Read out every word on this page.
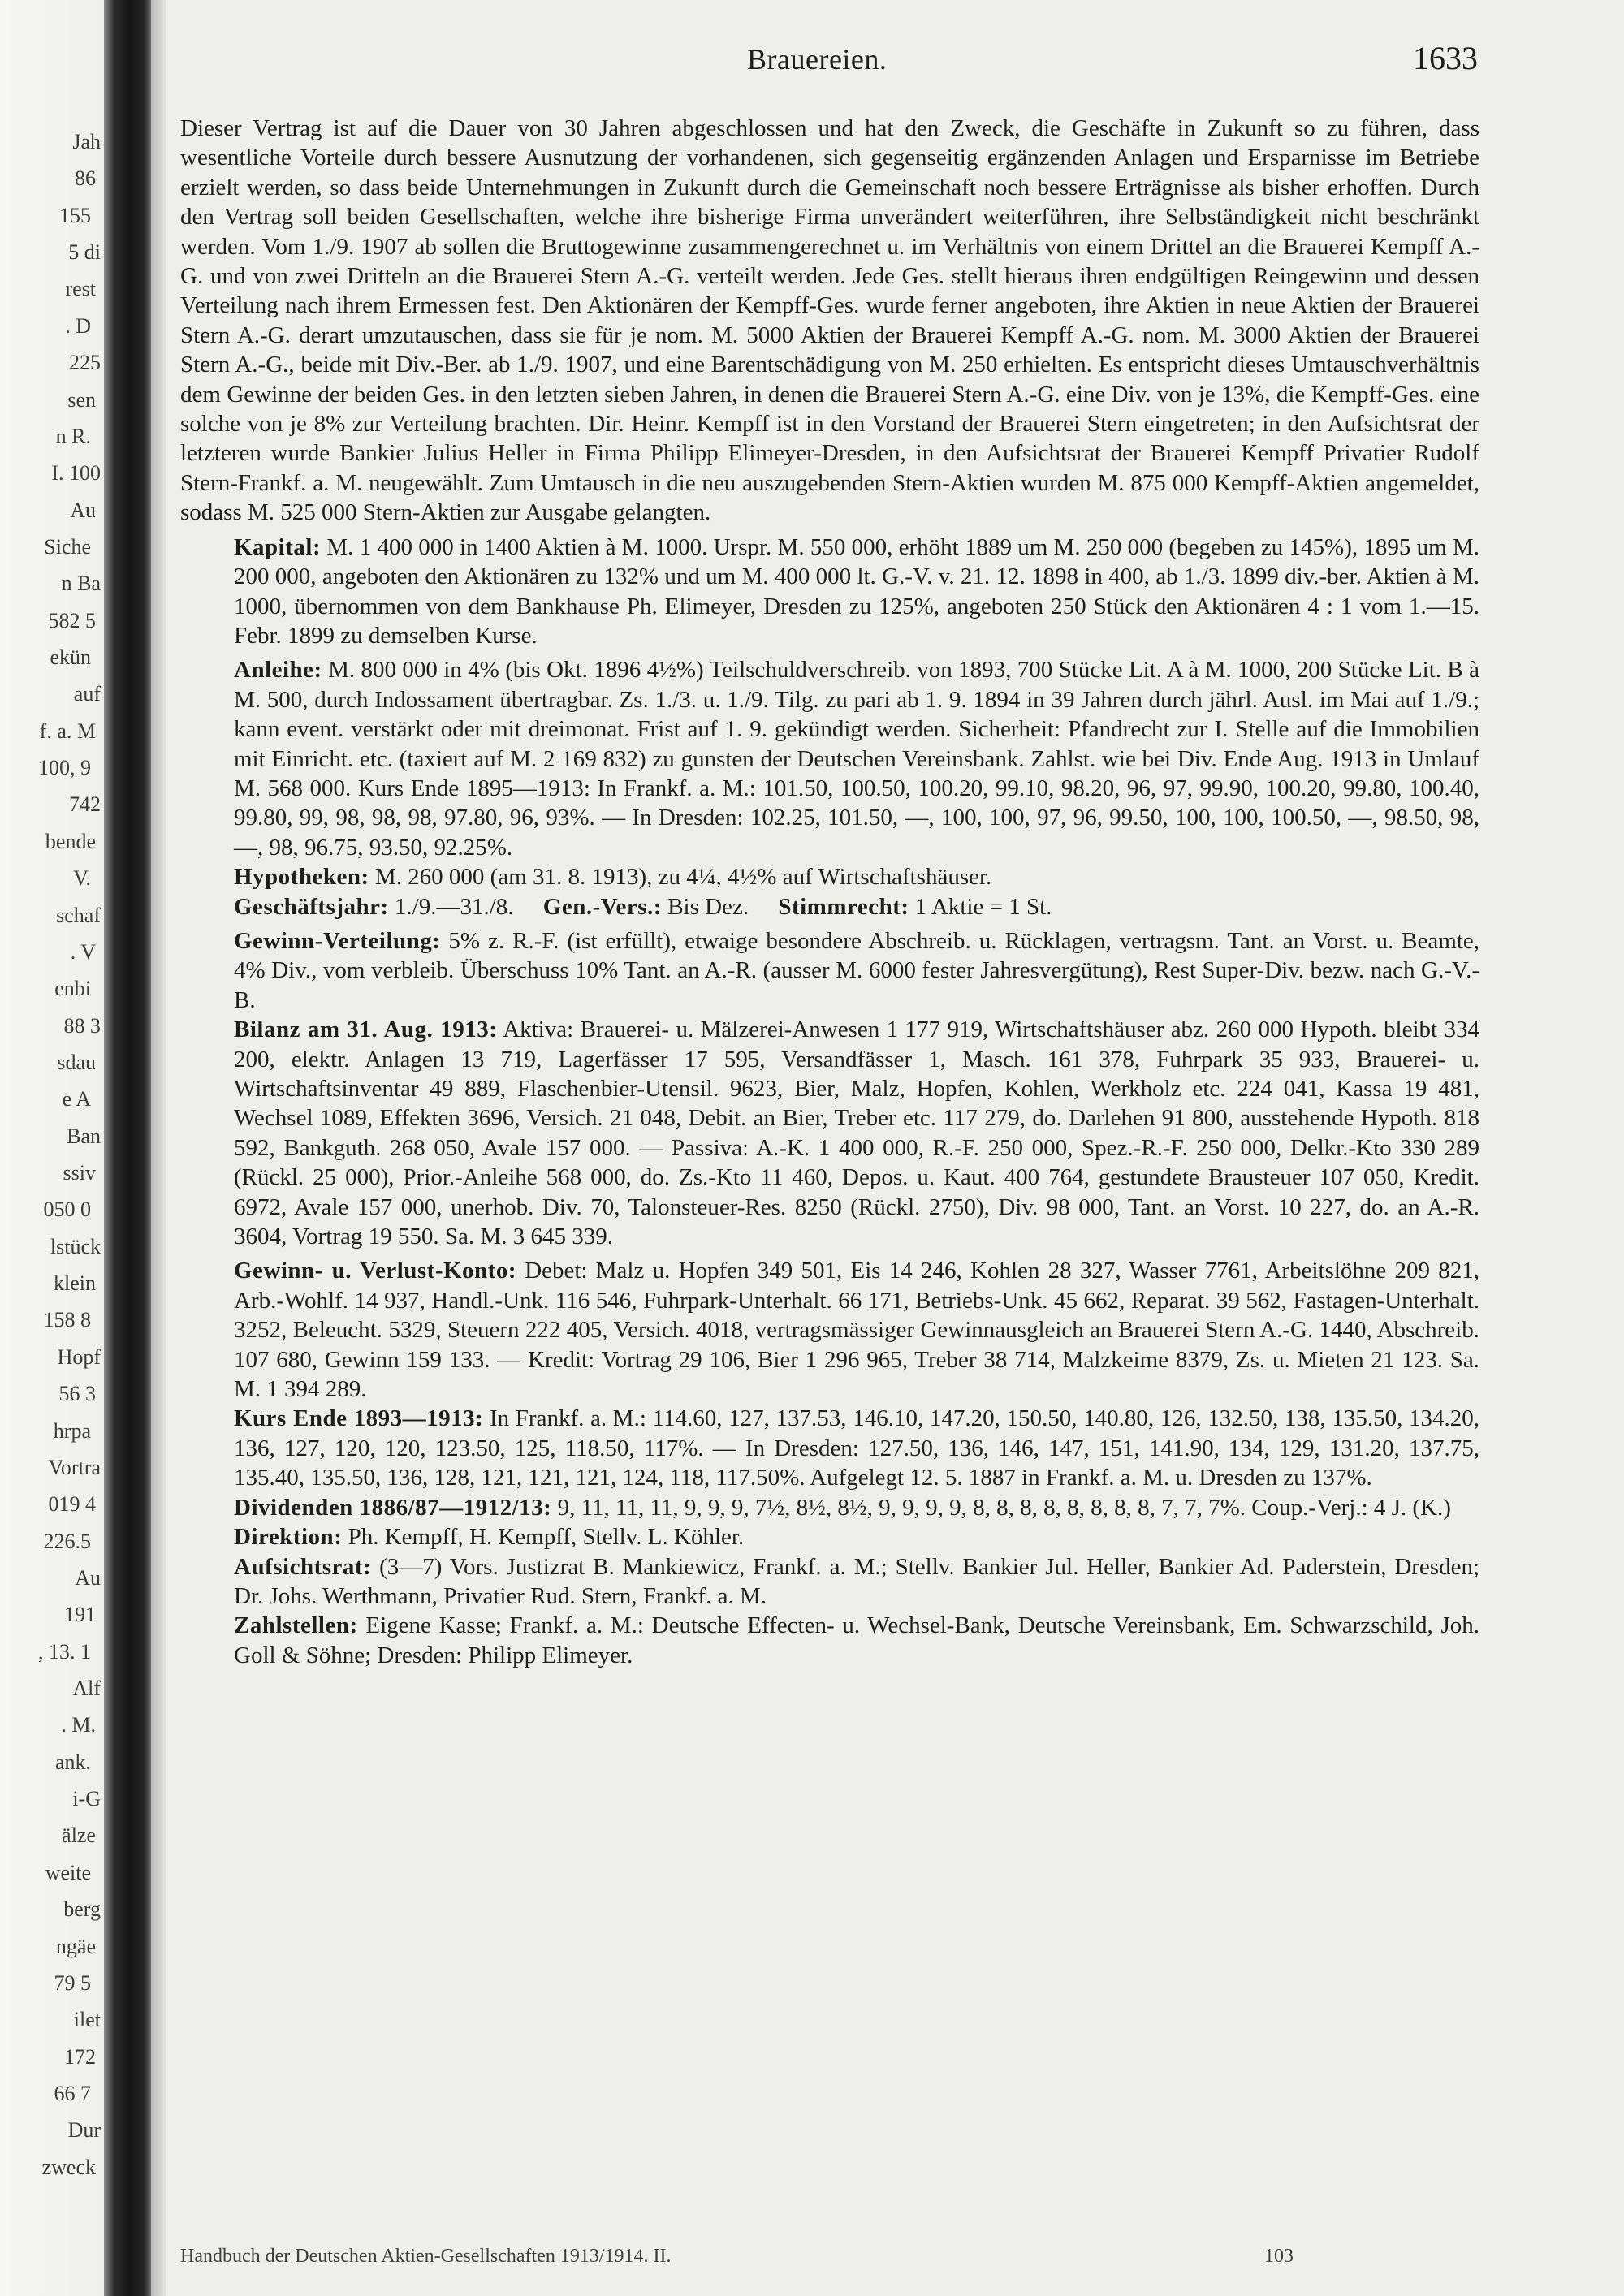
Jah
86
155
5 di
rest
. D
225
sen
n R.
I. 100
Au
Siche
n Ba
582 5
ekün
auf
f. a. M
100, 9
742
bende
V.
schaf
. V
enbi
88 3
sdau
e A
Ban
ssiv
050 0
lstück
klein
158 8
Hopf
56 3
hrpa
Vortra
019 4
226.5
Au
191
, 13. 1
Alf
. M.
ank.
i-G
älze
weite
berg
ngäe
79 5
ilet
172
66 7
Dur
zweck
Brauereien.	1633

Dieser Vertrag ist auf die Dauer von 30 Jahren abgeschlossen und hat den Zweck, die Geschäfte in Zukunft so zu führen, dass wesentliche Vorteile durch bessere Ausnutzung der vorhandenen, sich gegenseitig ergänzenden Anlagen und Ersparnisse im Betriebe erzielt werden, so dass beide Unternehmungen in Zukunft durch die Gemeinschaft noch bessere Erträgnisse als bisher erhoffen. Durch den Vertrag soll beiden Gesellschaften, welche ihre bisherige Firma unverändert weiterführen, ihre Selbständigkeit nicht beschränkt werden. Vom 1./9. 1907 ab sollen die Bruttogewinne zusammengerechnet u. im Verhältnis von einem Drittel an die Brauerei Kempff A.-G. und von zwei Dritteln an die Brauerei Stern A.-G. verteilt werden. Jede Ges. stellt hieraus ihren endgültigen Reingewinn und dessen Verteilung nach ihrem Ermessen fest. Den Aktionären der Kempff-Ges. wurde ferner angeboten, ihre Aktien in neue Aktien der Brauerei Stern A.-G. derart umzutauschen, dass sie für je nom. M. 5000 Aktien der Brauerei Kempff A.-G. nom. M. 3000 Aktien der Brauerei Stern A.-G., beide mit Div.-Ber. ab 1./9. 1907, und eine Barentschädigung von M. 250 erhielten. Es entspricht dieses Umtauschverhältnis dem Gewinne der beiden Ges. in den letzten sieben Jahren, in denen die Brauerei Stern A.-G. eine Div. von je 13%, die Kempff-Ges. eine solche von je 8% zur Verteilung brachten. Dir. Heinr. Kempff ist in den Vorstand der Brauerei Stern eingetreten; in den Aufsichtsrat der letzteren wurde Bankier Julius Heller in Firma Philipp Elimeyer-Dresden, in den Aufsichtsrat der Brauerei Kempff Privatier Rudolf Stern-Frankf. a. M. neugewählt. Zum Umtausch in die neu auszugebenden Stern-Aktien wurden M. 875 000 Kempff-Aktien angemeldet, sodass M. 525 000 Stern-Aktien zur Ausgabe gelangten.

Kapital: M. 1 400 000 in 1400 Aktien à M. 1000. Urspr. M. 550 000, erhöht 1889 um M. 250 000 (begeben zu 145%), 1895 um M. 200 000, angeboten den Aktionären zu 132% und um M. 400 000 lt. G.-V. v. 21. 12. 1898 in 400, ab 1./3. 1899 div.-ber. Aktien à M. 1000, übernommen von dem Bankhause Ph. Elimeyer, Dresden zu 125%, angeboten 250 Stück den Aktionären 4 : 1 vom 1.—15. Febr. 1899 zu demselben Kurse.

Anleihe: M. 800 000 in 4% (bis Okt. 1896 4½%) Teilschuldverschreib. von 1893, 700 Stücke Lit. A à M. 1000, 200 Stücke Lit. B à M. 500, durch Indossament übertragbar. Zs. 1./3. u. 1./9. Tilg. zu pari ab 1. 9. 1894 in 39 Jahren durch jährl. Ausl. im Mai auf 1./9.; kann event. verstärkt oder mit dreimonat. Frist auf 1. 9. gekündigt werden. Sicherheit: Pfandrecht zur I. Stelle auf die Immobilien mit Einricht. etc. (taxiert auf M. 2 169 832) zu gunsten der Deutschen Vereinsbank. Zahlst. wie bei Div. Ende Aug. 1913 in Umlauf M. 568 000. Kurs Ende 1895—1913: In Frankf. a. M.: 101.50, 100.50, 100.20, 99.10, 98.20, 96, 97, 99.90, 100.20, 99.80, 100.40, 99.80, 99, 98, 98, 98, 97.80, 96, 93%. — In Dresden: 102.25, 101.50, —, 100, 100, 97, 96, 99.50, 100, 100, 100.50, —, 98.50, 98, —, 98, 96.75, 93.50, 92.25%.

Hypotheken: M. 260 000 (am 31. 8. 1913), zu 4¼, 4½% auf Wirtschaftshäuser.

Geschäftsjahr: 1./9.—31./8. Gen.-Vers.: Bis Dez. Stimmrecht: 1 Aktie = 1 St.

Gewinn-Verteilung: 5% z. R.-F. (ist erfüllt), etwaige besondere Abschreib. u. Rücklagen, vertragsm. Tant. an Vorst. u. Beamte, 4% Div., vom verbleib. Überschuss 10% Tant. an A.-R. (ausser M. 6000 fester Jahresvergütung), Rest Super-Div. bezw. nach G.-V.-B.

Bilanz am 31. Aug. 1913: Aktiva: Brauerei- u. Mälzerei-Anwesen 1 177 919, Wirtschaftshäuser abz. 260 000 Hypoth. bleibt 334 200, elektr. Anlagen 13 719, Lagerfässer 17 595, Versandfässer 1, Masch. 161 378, Fuhrpark 35 933, Brauerei- u. Wirtschaftsinventar 49 889, Flaschenbier-Utensil. 9623, Bier, Malz, Hopfen, Kohlen, Werkholz etc. 224 041, Kassa 19 481, Wechsel 1089, Effekten 3696, Versich. 21 048, Debit. an Bier, Treber etc. 117 279, do. Darlehen 91 800, ausstehende Hypoth. 818 592, Bankguth. 268 050, Avale 157 000. — Passiva: A.-K. 1 400 000, R.-F. 250 000, Spez.-R.-F. 250 000, Delkr.-Kto 330 289 (Rückl. 25 000), Prior.-Anleihe 568 000, do. Zs.-Kto 11 460, Depos. u. Kaut. 400 764, gestundete Brausteuer 107 050, Kredit. 6972, Avale 157 000, unerhob. Div. 70, Talonsteuer-Res. 8250 (Rückl. 2750), Div. 98 000, Tant. an Vorst. 10 227, do. an A.-R. 3604, Vortrag 19 550. Sa. M. 3 645 339.

Gewinn- u. Verlust-Konto: Debet: Malz u. Hopfen 349 501, Eis 14 246, Kohlen 28 327, Wasser 7761, Arbeitslöhne 209 821, Arb.-Wohlf. 14 937, Handl.-Unk. 116 546, Fuhrpark-Unterhalt. 66 171, Betriebs-Unk. 45 662, Reparat. 39 562, Fastagen-Unterhalt. 3252, Beleucht. 5329, Steuern 222 405, Versich. 4018, vertragsmässiger Gewinnausgleich an Brauerei Stern A.-G. 1440, Abschreib. 107 680, Gewinn 159 133. — Kredit: Vortrag 29 106, Bier 1 296 965, Treber 38 714, Malzkeime 8379, Zs. u. Mieten 21 123. Sa. M. 1 394 289.

Kurs Ende 1893—1913: In Frankf. a. M.: 114.60, 127, 137.53, 146.10, 147.20, 150.50, 140.80, 126, 132.50, 138, 135.50, 134.20, 136, 127, 120, 120, 123.50, 125, 118.50, 117%. — In Dresden: 127.50, 136, 146, 147, 151, 141.90, 134, 129, 131.20, 137.75, 135.40, 135.50, 136, 128, 121, 121, 121, 124, 118, 117.50%. Aufgelegt 12. 5. 1887 in Frankf. a. M. u. Dresden zu 137%.

Dividenden 1886/87—1912/13: 9, 11, 11, 11, 9, 9, 9, 7½, 8½, 8½, 9, 9, 9, 9, 8, 8, 8, 8, 8, 8, 8, 8, 7, 7, 7%. Coup.-Verj.: 4 J. (K.)

Direktion: Ph. Kempff, H. Kempff, Stellv. L. Köhler.

Aufsichtsrat: (3—7) Vors. Justizrat B. Mankiewicz, Frankf. a. M.; Stellv. Bankier Jul. Heller, Bankier Ad. Paderstein, Dresden; Dr. Johs. Werthmann, Privatier Rud. Stern, Frankf. a. M.

Zahlstellen: Eigene Kasse; Frankf. a. M.: Deutsche Effecten- u. Wechsel-Bank, Deutsche Vereinsbank, Em. Schwarzschild, Joh. Goll & Söhne; Dresden: Philipp Elimeyer.

Handbuch der Deutschen Aktien-Gesellschaften 1913/1914. II.	103
